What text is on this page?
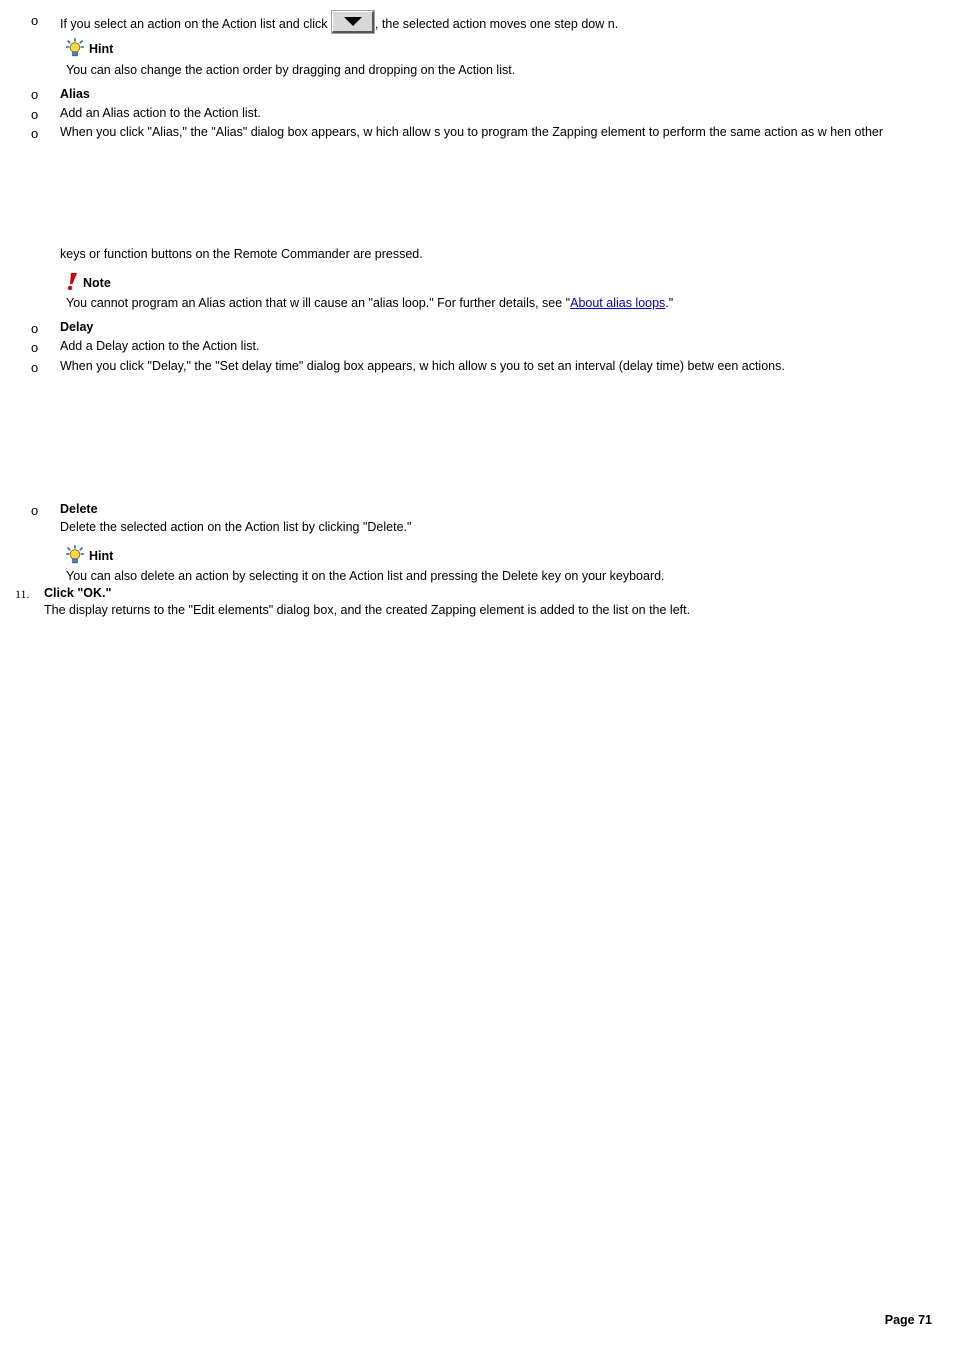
o If you select an action on the Action list and click	, the selected action moves one step dow n.
Hint
You can also change the action order by dragging and dropping on the Action list.
o Alias
o Add an Alias action to the Action list.
o When you click "Alias," the "Alias" dialog box appears, w hich allow s you to program the Zapping element to perform the same action as w hen other
keys or function buttons on the Remote Commander are pressed.
Note
You cannot program an Alias action that w ill cause an "alias loop." For further details, see "About alias loops."
o Delay
o Add a Delay action to the Action list.
o When you click "Delay," the "Set delay time" dialog box appears, w hich allow s you to set an interval (delay time) betw een actions.
o Delete
Delete the selected action on the Action list by clicking "Delete."
Hint
You can also delete an action by selecting it on the Action list and pressing the Delete key on your keyboard.
11. Click "OK."
The display returns to the "Edit elements" dialog box, and the created Zapping element is added to the list on the left.
Page 71
